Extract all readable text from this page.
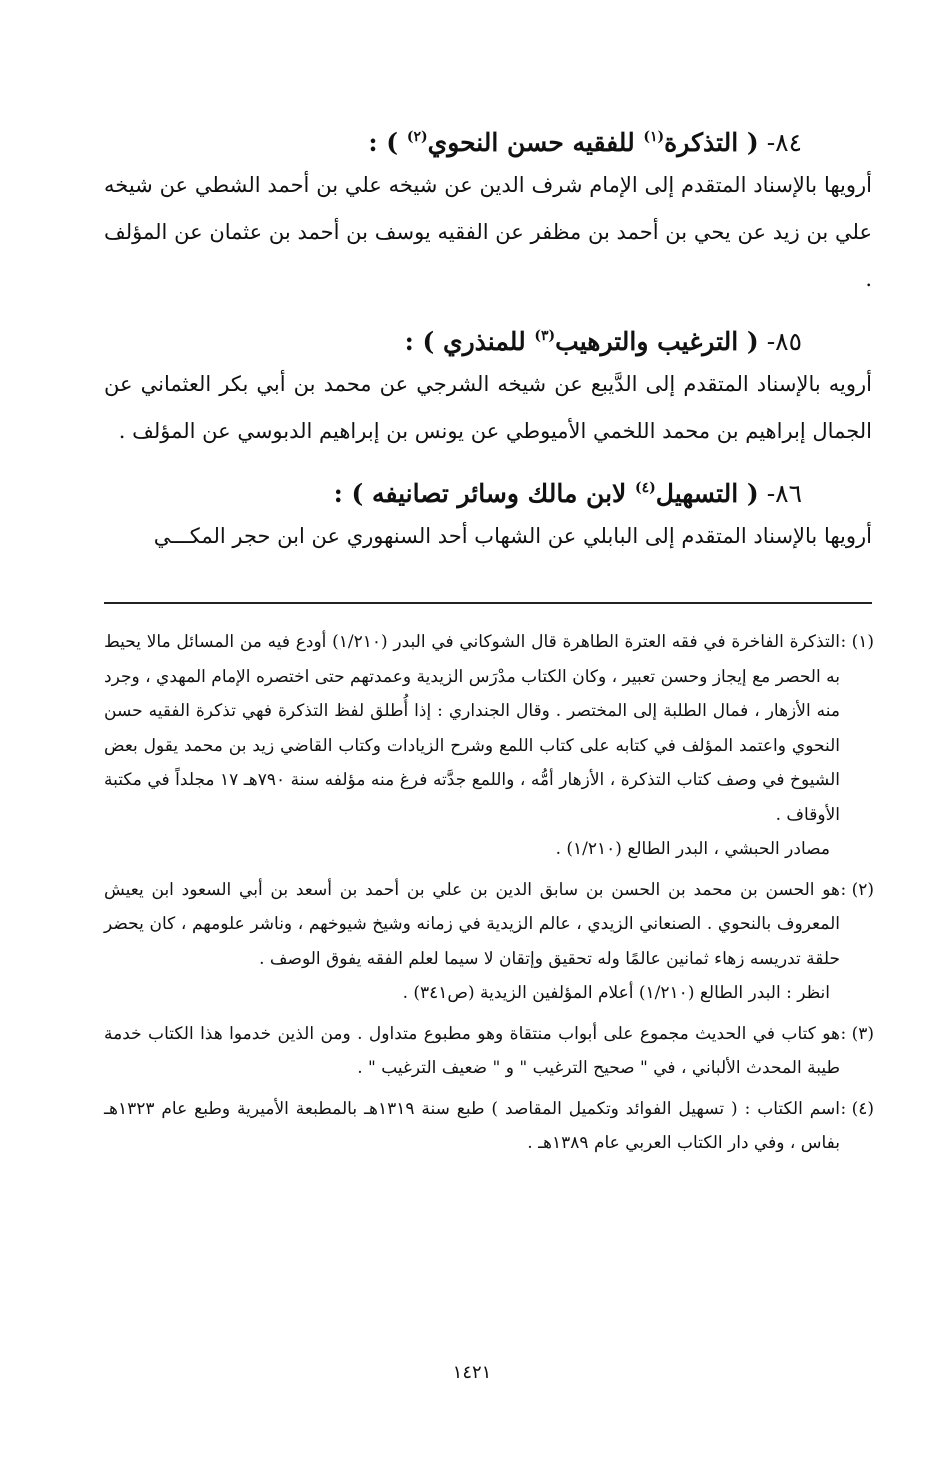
٨٤- ( التذكرة$^{(١)}$ للفقيه حسن النحوي$^{(٢)}$ ) :

أرويها بالإسناد المتقدم إلى الإمام شرف الدين عن شيخه علي بن أحمد الشطي عن شيخه علي بن زيد عن يحي بن أحمد بن مظفر عن الفقيه يوسف بن أحمد بن عثمان عن المؤلف .

٨٥- ( الترغيب والترهيب$^{(٣)}$ للمنذري ) :

أرويه بالإسناد المتقدم إلى الدَّيبع عن شيخه الشرجي عن محمد بن أبي بكر العثماني عن الجمال إبراهيم بن محمد اللخمي الأميوطي عن يونس بن إبراهيم الدبوسي عن المؤلف .

٨٦- ( التسهيل$^{(٤)}$ لابن مالك وسائر تصانيفه ) :

أرويها بالإسناد المتقدم إلى البابلي عن الشهاب أحد السنهوري عن ابن حجر المكـــي

(١) :
التذكرة الفاخرة في فقه العترة الطاهرة قال الشوكاني في البدر (١/٢١٠) أودع فيه من المسائل مالا يحيط به الحصر مع إيجاز وحسن تعبير ، وكان الكتاب مدْرَس الزيدية وعمدتهم حتى اختصره الإمام المهدي ، وجرد منه الأزهار ، فمال الطلبة إلى المختصر . وقال الجنداري : إذا أُطلق لفظ التذكرة فهي تذكرة الفقيه حسن النحوي واعتمد المؤلف في كتابه على كتاب اللمع وشرح الزيادات وكتاب القاضي زيد بن محمد يقول بعض الشيوخ في وصف كتاب التذكرة ، الأزهار أمُّه ، واللمع جدَّته فرغ منه مؤلفه سنة ٧٩٠هـ ١٧ مجلداً في مكتبة الأوقاف .
مصادر الحبشي ، البدر الطالع (١/٢١٠) .
(٢) :
هو الحسن بن محمد بن الحسن بن سابق الدين بن علي بن أحمد بن أسعد بن أبي السعود ابن يعيش المعروف بالنحوي . الصنعاني الزيدي ، عالم الزيدية في زمانه وشيخ شيوخهم ، وناشر علومهم ، كان يحضر حلقة تدريسه زهاء ثمانين عالمًا وله تحقيق وإتقان لا سيما لعلم الفقه يفوق الوصف .
انظر : البدر الطالع (١/٢١٠) أعلام المؤلفين الزيدية (ص٣٤١) .
(٣) :
هو كتاب في الحديث مجموع على أبواب منتقاة وهو مطبوع متداول . ومن الذين خدموا هذا الكتاب خدمة طيبة المحدث الألباني ، في " صحيح الترغيب " و " ضعيف الترغيب " .
(٤) :
اسم الكتاب : ( تسهيل الفوائد وتكميل المقاصد ) طبع سنة ١٣١٩هـ بالمطبعة الأميرية وطبع عام ١٣٢٣هـ بفاس ، وفي دار الكتاب العربي عام ١٣٨٩هـ .
١٤٢١
